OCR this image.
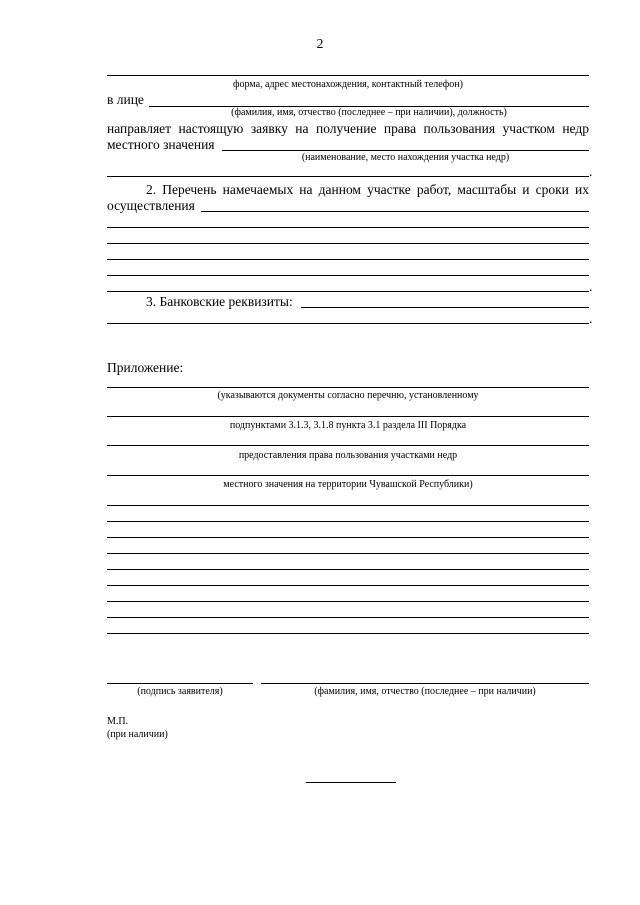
2
форма, адрес местонахождения, контактный телефон)
в лице
(фамилия, имя, отчество (последнее – при наличии), должность)
направляет настоящую заявку на получение права пользования участком недр
местного значения
(наименование, место нахождения участка недр)
.
2. Перечень намечаемых на данном участке работ, масштабы и сроки их
осуществления
.
3. Банковские реквизиты:
.
Приложение:
(указываются документы согласно перечню, установленному
подпунктами 3.1.3, 3.1.8 пункта 3.1 раздела III Порядка
предоставления права пользования участками недр
местного значения на территории Чувашской Республики)
(подпись заявителя)	(фамилия, имя, отчество (последнее – при наличии)
М.П.
(при наличии)
